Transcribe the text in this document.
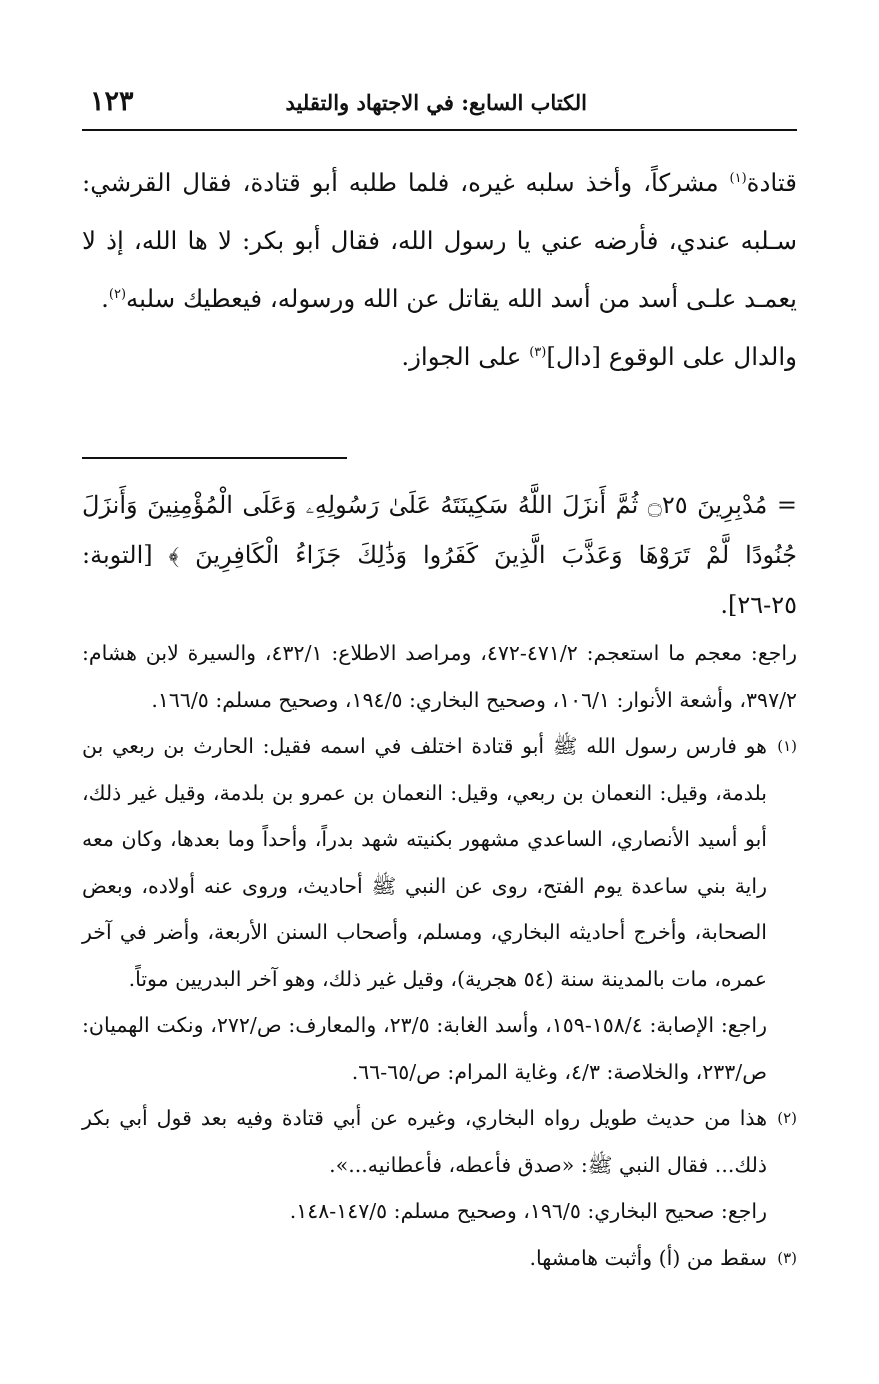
الكتاب السابع: في الاجتهاد والتقليد
١٢٣

قتادة$^{(١)}$ مشركاً، وأخذ سلبه غيره، فلما طلبه أبو قتادة، فقال القرشي: سـلبه عندي، فأرضه عني يا رسول الله، فقال أبو بكر: لا ها الله، إذ لا يعمـد علـى أسد من أسد الله يقاتل عن الله ورسوله، فيعطيك سلبه$^{(٢)}$.

والدال على الوقوع [دال]$^{(٣)}$ على الجواز.

= مُدْبِرِينَ ۝٢٥ ثُمَّ أَنزَلَ اللَّهُ سَكِينَتَهُ عَلَىٰ رَسُولِهِۦ وَعَلَى الْمُؤْمِنِينَ وَأَنزَلَ جُنُودًا لَّمْ تَرَوْهَا وَعَذَّبَ الَّذِينَ كَفَرُوا وَذَٰلِكَ جَزَاءُ الْكَافِرِينَ ﴾ [التوبة: ٢٥-٢٦].

راجع: معجم ما استعجم: ٤٧١/٢-٤٧٢، ومراصد الاطلاع: ٤٣٢/١، والسيرة لابن هشام: ٣٩٧/٢، وأشعة الأنوار: ١٠٦/١، وصحيح البخاري: ١٩٤/٥، وصحيح مسلم: ١٦٦/٥.

(١)

هو فارس رسول الله ﷺ أبو قتادة اختلف في اسمه فقيل: الحارث بن ربعي بن بلدمة، وقيل: النعمان بن ربعي، وقيل: النعمان بن عمرو بن بلدمة، وقيل غير ذلك، أبو أسيد الأنصاري، الساعدي مشهور بكنيته شهد بدراً، وأحداً وما بعدها، وكان معه راية بني ساعدة يوم الفتح، روى عن النبي ﷺ أحاديث، وروى عنه أولاده، وبعض الصحابة، وأخرج أحاديثه البخاري، ومسلم، وأصحاب السنن الأربعة، وأضر في آخر عمره، مات بالمدينة سنة (٥٤ هجرية)، وقيل غير ذلك، وهو آخر البدريين موتاً.

راجع: الإصابة: ١٥٨/٤-١٥٩، وأسد الغابة: ٢٣/٥، والمعارف: ص/٢٧٢، ونكت الهميان: ص/٢٣٣، والخلاصة: ٤/٣، وغاية المرام: ص/٦٥-٦٦.

(٢)

هذا من حديث طويل رواه البخاري، وغيره عن أبي قتادة وفيه بعد قول أبي بكر ذلك... فقال النبي ﷺ: «صدق فأعطه، فأعطانيه...».

راجع: صحيح البخاري: ١٩٦/٥، وصحيح مسلم: ١٤٧/٥-١٤٨.

(٣)

سقط من (أ) وأثبت هامشها.
